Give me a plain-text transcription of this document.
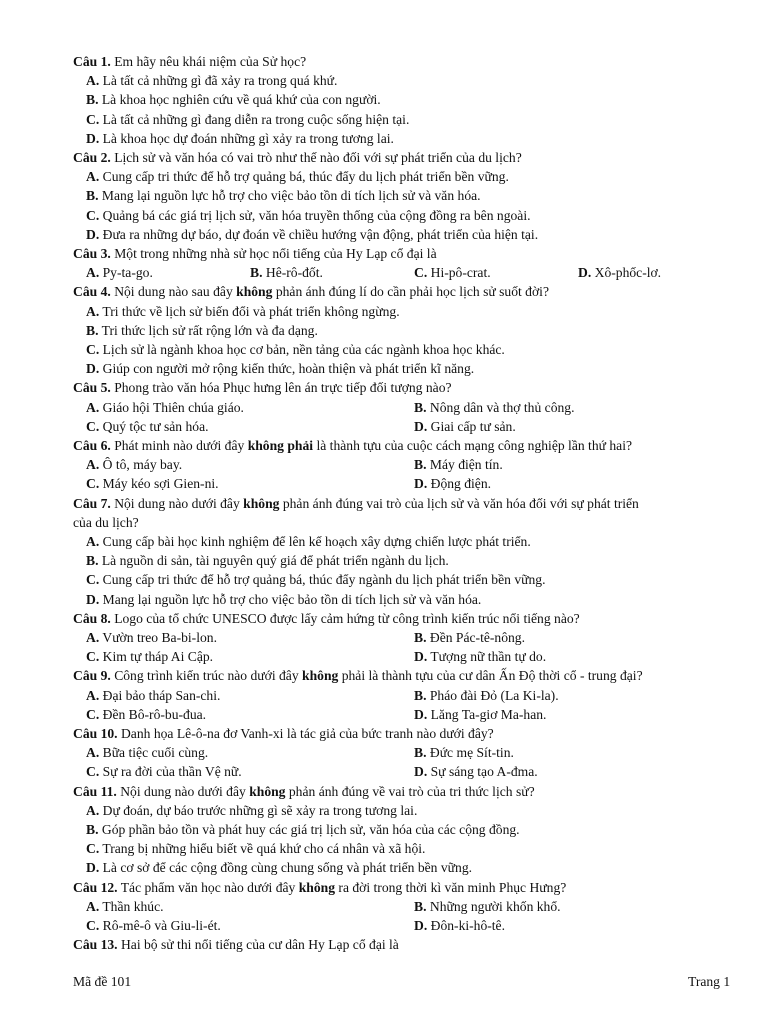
Câu 1. Em hãy nêu khái niệm của Sử học?
A. Là tất cả những gì đã xảy ra trong quá khứ.
B. Là khoa học nghiên cứu về quá khứ của con người.
C. Là tất cả những gì đang diễn ra trong cuộc sống hiện tại.
D. Là khoa học dự đoán những gì xảy ra trong tương lai.
Câu 2. Lịch sử và văn hóa có vai trò như thế nào đối với sự phát triển của du lịch?
A. Cung cấp tri thức để hỗ trợ quảng bá, thúc đẩy du lịch phát triển bền vững.
B. Mang lại nguồn lực hỗ trợ cho việc bảo tồn di tích lịch sử và văn hóa.
C. Quảng bá các giá trị lịch sử, văn hóa truyền thống của cộng đồng ra bên ngoài.
D. Đưa ra những dự báo, dự đoán về chiều hướng vận động, phát triển của hiện tại.
Câu 3. Một trong những nhà sử học nổi tiếng của Hy Lạp cổ đại là
A. Py-ta-go.	B. Hê-rô-đốt.	C. Hi-pô-crat.	D. Xô-phốc-lơ.
Câu 4. Nội dung nào sau đây không phản ánh đúng lí do cần phải học lịch sử suốt đời?
A. Tri thức về lịch sử biến đổi và phát triển không ngừng.
B. Tri thức lịch sử rất rộng lớn và đa dạng.
C. Lịch sử là ngành khoa học cơ bản, nền tảng của các ngành khoa học khác.
D. Giúp con người mở rộng kiến thức, hoàn thiện và phát triển kĩ năng.
Câu 5. Phong trào văn hóa Phục hưng lên án trực tiếp đối tượng nào?
A. Giáo hội Thiên chúa giáo.	B. Nông dân và thợ thủ công.
C. Quý tộc tư sản hóa.	D. Giai cấp tư sản.
Câu 6. Phát minh nào dưới đây không phải là thành tựu của cuộc cách mạng công nghiệp lần thứ hai?
A. Ô tô, máy bay.	B. Máy điện tín.
C. Máy kéo sợi Gien-ni.	D. Động điện.
Câu 7. Nội dung nào dưới đây không phản ánh đúng vai trò của lịch sử và văn hóa đối với sự phát triển
của du lịch?
A. Cung cấp bài học kinh nghiệm để lên kế hoạch xây dựng chiến lược phát triển.
B. Là nguồn di sản, tài nguyên quý giá để phát triển ngành du lịch.
C. Cung cấp tri thức để hỗ trợ quảng bá, thúc đẩy ngành du lịch phát triển bền vững.
D. Mang lại nguồn lực hỗ trợ cho việc bảo tồn di tích lịch sử và văn hóa.
Câu 8. Logo của tổ chức UNESCO được lấy cảm hứng từ công trình kiến trúc nổi tiếng nào?
A. Vườn treo Ba-bi-lon.	B. Đền Pác-tê-nông.
C. Kim tự tháp Ai Cập.	D. Tượng nữ thần tự do.
Câu 9. Công trình kiến trúc nào dưới đây không phải là thành tựu của cư dân Ấn Độ thời cổ - trung đại?
A. Đại bảo tháp San-chi.	B. Pháo đài Đỏ (La Ki-la).
C. Đền Bô-rô-bu-đua.	D. Lăng Ta-giơ Ma-han.
Câu 10. Danh họa Lê-ô-na đơ Vanh-xi là tác giả của bức tranh nào dưới đây?
A. Bữa tiệc cuối cùng.	B. Đức mẹ Sít-tin.
C. Sự ra đời của thần Vệ nữ.	D. Sự sáng tạo A-đma.
Câu 11. Nội dung nào dưới đây không phản ánh đúng về vai trò của tri thức lịch sử?
A. Dự đoán, dự báo trước những gì sẽ xảy ra trong tương lai.
B. Góp phần bảo tồn và phát huy các giá trị lịch sử, văn hóa của các cộng đồng.
C. Trang bị những hiểu biết về quá khứ cho cá nhân và xã hội.
D. Là cơ sở để các cộng đồng cùng chung sống và phát triển bền vững.
Câu 12. Tác phẩm văn học nào dưới đây không ra đời trong thời kì văn minh Phục Hưng?
A. Thần khúc.	B. Những người khốn khổ.
C. Rô-mê-ô và Giu-li-ét.	D. Đôn-ki-hô-tê.
Câu 13. Hai bộ sử thi nổi tiếng của cư dân Hy Lạp cổ đại là
Mã đề 101	Trang 1
